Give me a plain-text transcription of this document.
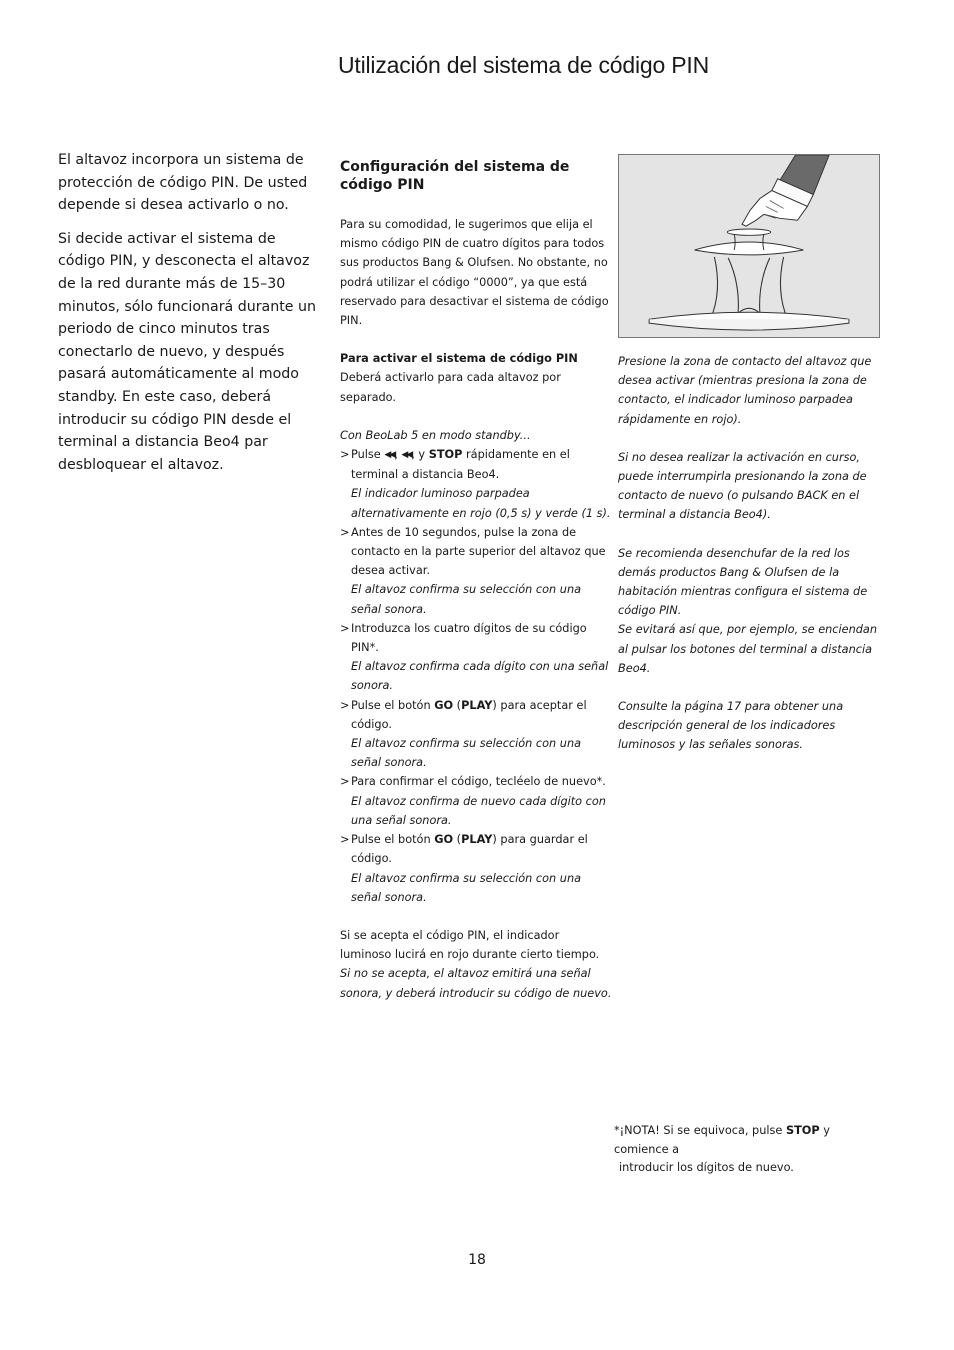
Utilización del sistema de código PIN

El altavoz incorpora un sistema de protección de código PIN. De usted depende si desea activarlo o no.

Si decide activar el sistema de código PIN, y desconecta el altavoz de la red durante más de 15–30 minutos, sólo funcionará durante un periodo de cinco minutos tras conectarlo de nuevo, y después pasará automáticamente al modo standby. En este caso, deberá introducir su código PIN desde el terminal a distancia Beo4 par desbloquear el altavoz.

Configuración del sistema de código PIN

Para su comodidad, le sugerimos que elija el mismo código PIN de cuatro dígitos para todos sus productos Bang & Olufsen. No obstante, no podrá utilizar el código “0000”, ya que está reservado para desactivar el sistema de código PIN.

Para activar el sistema de código PIN

Deberá activarlo para cada altavoz por separado.

Con BeoLab 5 en modo standby...

> Pulse ◀◀, ◀◀, y STOP rápidamente en el terminal a distancia Beo4.
El indicador luminoso parpadea alternativamente en rojo (0,5 s) y verde (1 s).
> Antes de 10 segundos, pulse la zona de contacto en la parte superior del altavoz que desea activar.
El altavoz confirma su selección con una señal sonora.
> Introduzca los cuatro dígitos de su código PIN*.
El altavoz confirma cada dígito con una señal sonora.
> Pulse el botón GO (PLAY) para aceptar el código.
El altavoz confirma su selección con una señal sonora.
> Para confirmar el código, tecléelo de nuevo*.
El altavoz confirma de nuevo cada dígito con una señal sonora.
> Pulse el botón GO (PLAY) para guardar el código.
El altavoz confirma su selección con una señal sonora.

Si se acepta el código PIN, el indicador luminoso lucirá en rojo durante cierto tiempo.

Si no se acepta, el altavoz emitirá una señal sonora, y deberá introducir su código de nuevo.

Presione la zona de contacto del altavoz que desea activar (mientras presiona la zona de contacto, el indicador luminoso parpadea rápidamente en rojo).

Si no desea realizar la activación en curso, puede interrumpirla presionando la zona de contacto de nuevo (o pulsando BACK en el terminal a distancia Beo4).

Se recomienda desenchufar de la red los demás productos Bang & Olufsen de la habitación mientras configura el sistema de código PIN.
Se evitará así que, por ejemplo, se enciendan al pulsar los botones del terminal a distancia Beo4.

Consulte la página 17 para obtener una descripción general de los indicadores luminosos y las señales sonoras.

*¡NOTA! Si se equivoca, pulse STOP y comience a
introducir los dígitos de nuevo.
18
